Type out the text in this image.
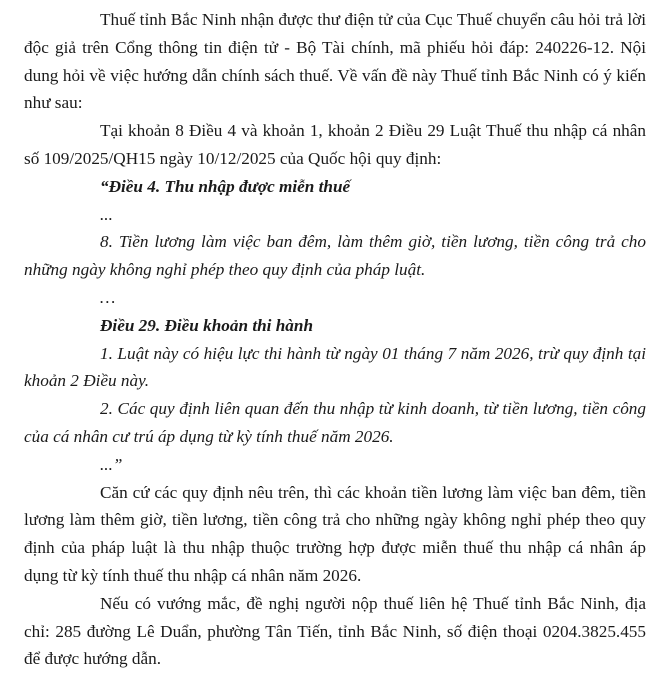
Thuế tỉnh Bắc Ninh nhận được thư điện tử của Cục Thuế chuyển câu hỏi trả lời độc giả trên Cổng thông tin điện tử - Bộ Tài chính, mã phiếu hỏi đáp: 240226-12. Nội dung hỏi về việc hướng dẫn chính sách thuế. Về vấn đề này Thuế tỉnh Bắc Ninh có ý kiến như sau:

Tại khoản 8 Điều 4 và khoản 1, khoản 2 Điều 29 Luật Thuế thu nhập cá nhân số 109/2025/QH15 ngày 10/12/2025 của Quốc hội quy định:

“Điều 4. Thu nhập được miễn thuế

...

8. Tiền lương làm việc ban đêm, làm thêm giờ, tiền lương, tiền công trả cho những ngày không nghỉ phép theo quy định của pháp luật.

…

Điều 29. Điều khoản thi hành

1. Luật này có hiệu lực thi hành từ ngày 01 tháng 7 năm 2026, trừ quy định tại khoản 2 Điều này.

2. Các quy định liên quan đến thu nhập từ kinh doanh, từ tiền lương, tiền công của cá nhân cư trú áp dụng từ kỳ tính thuế năm 2026.

...”

Căn cứ các quy định nêu trên, thì các khoản tiền lương làm việc ban đêm, tiền lương làm thêm giờ, tiền lương, tiền công trả cho những ngày không nghỉ phép theo quy định của pháp luật là thu nhập thuộc trường hợp được miễn thuế thu nhập cá nhân áp dụng từ kỳ tính thuế thu nhập cá nhân năm 2026.

Nếu có vướng mắc, đề nghị người nộp thuế liên hệ Thuế tỉnh Bắc Ninh, địa chỉ: 285 đường Lê Duẩn, phường Tân Tiến, tỉnh Bắc Ninh, số điện thoại 0204.3825.455 để được hướng dẫn.
